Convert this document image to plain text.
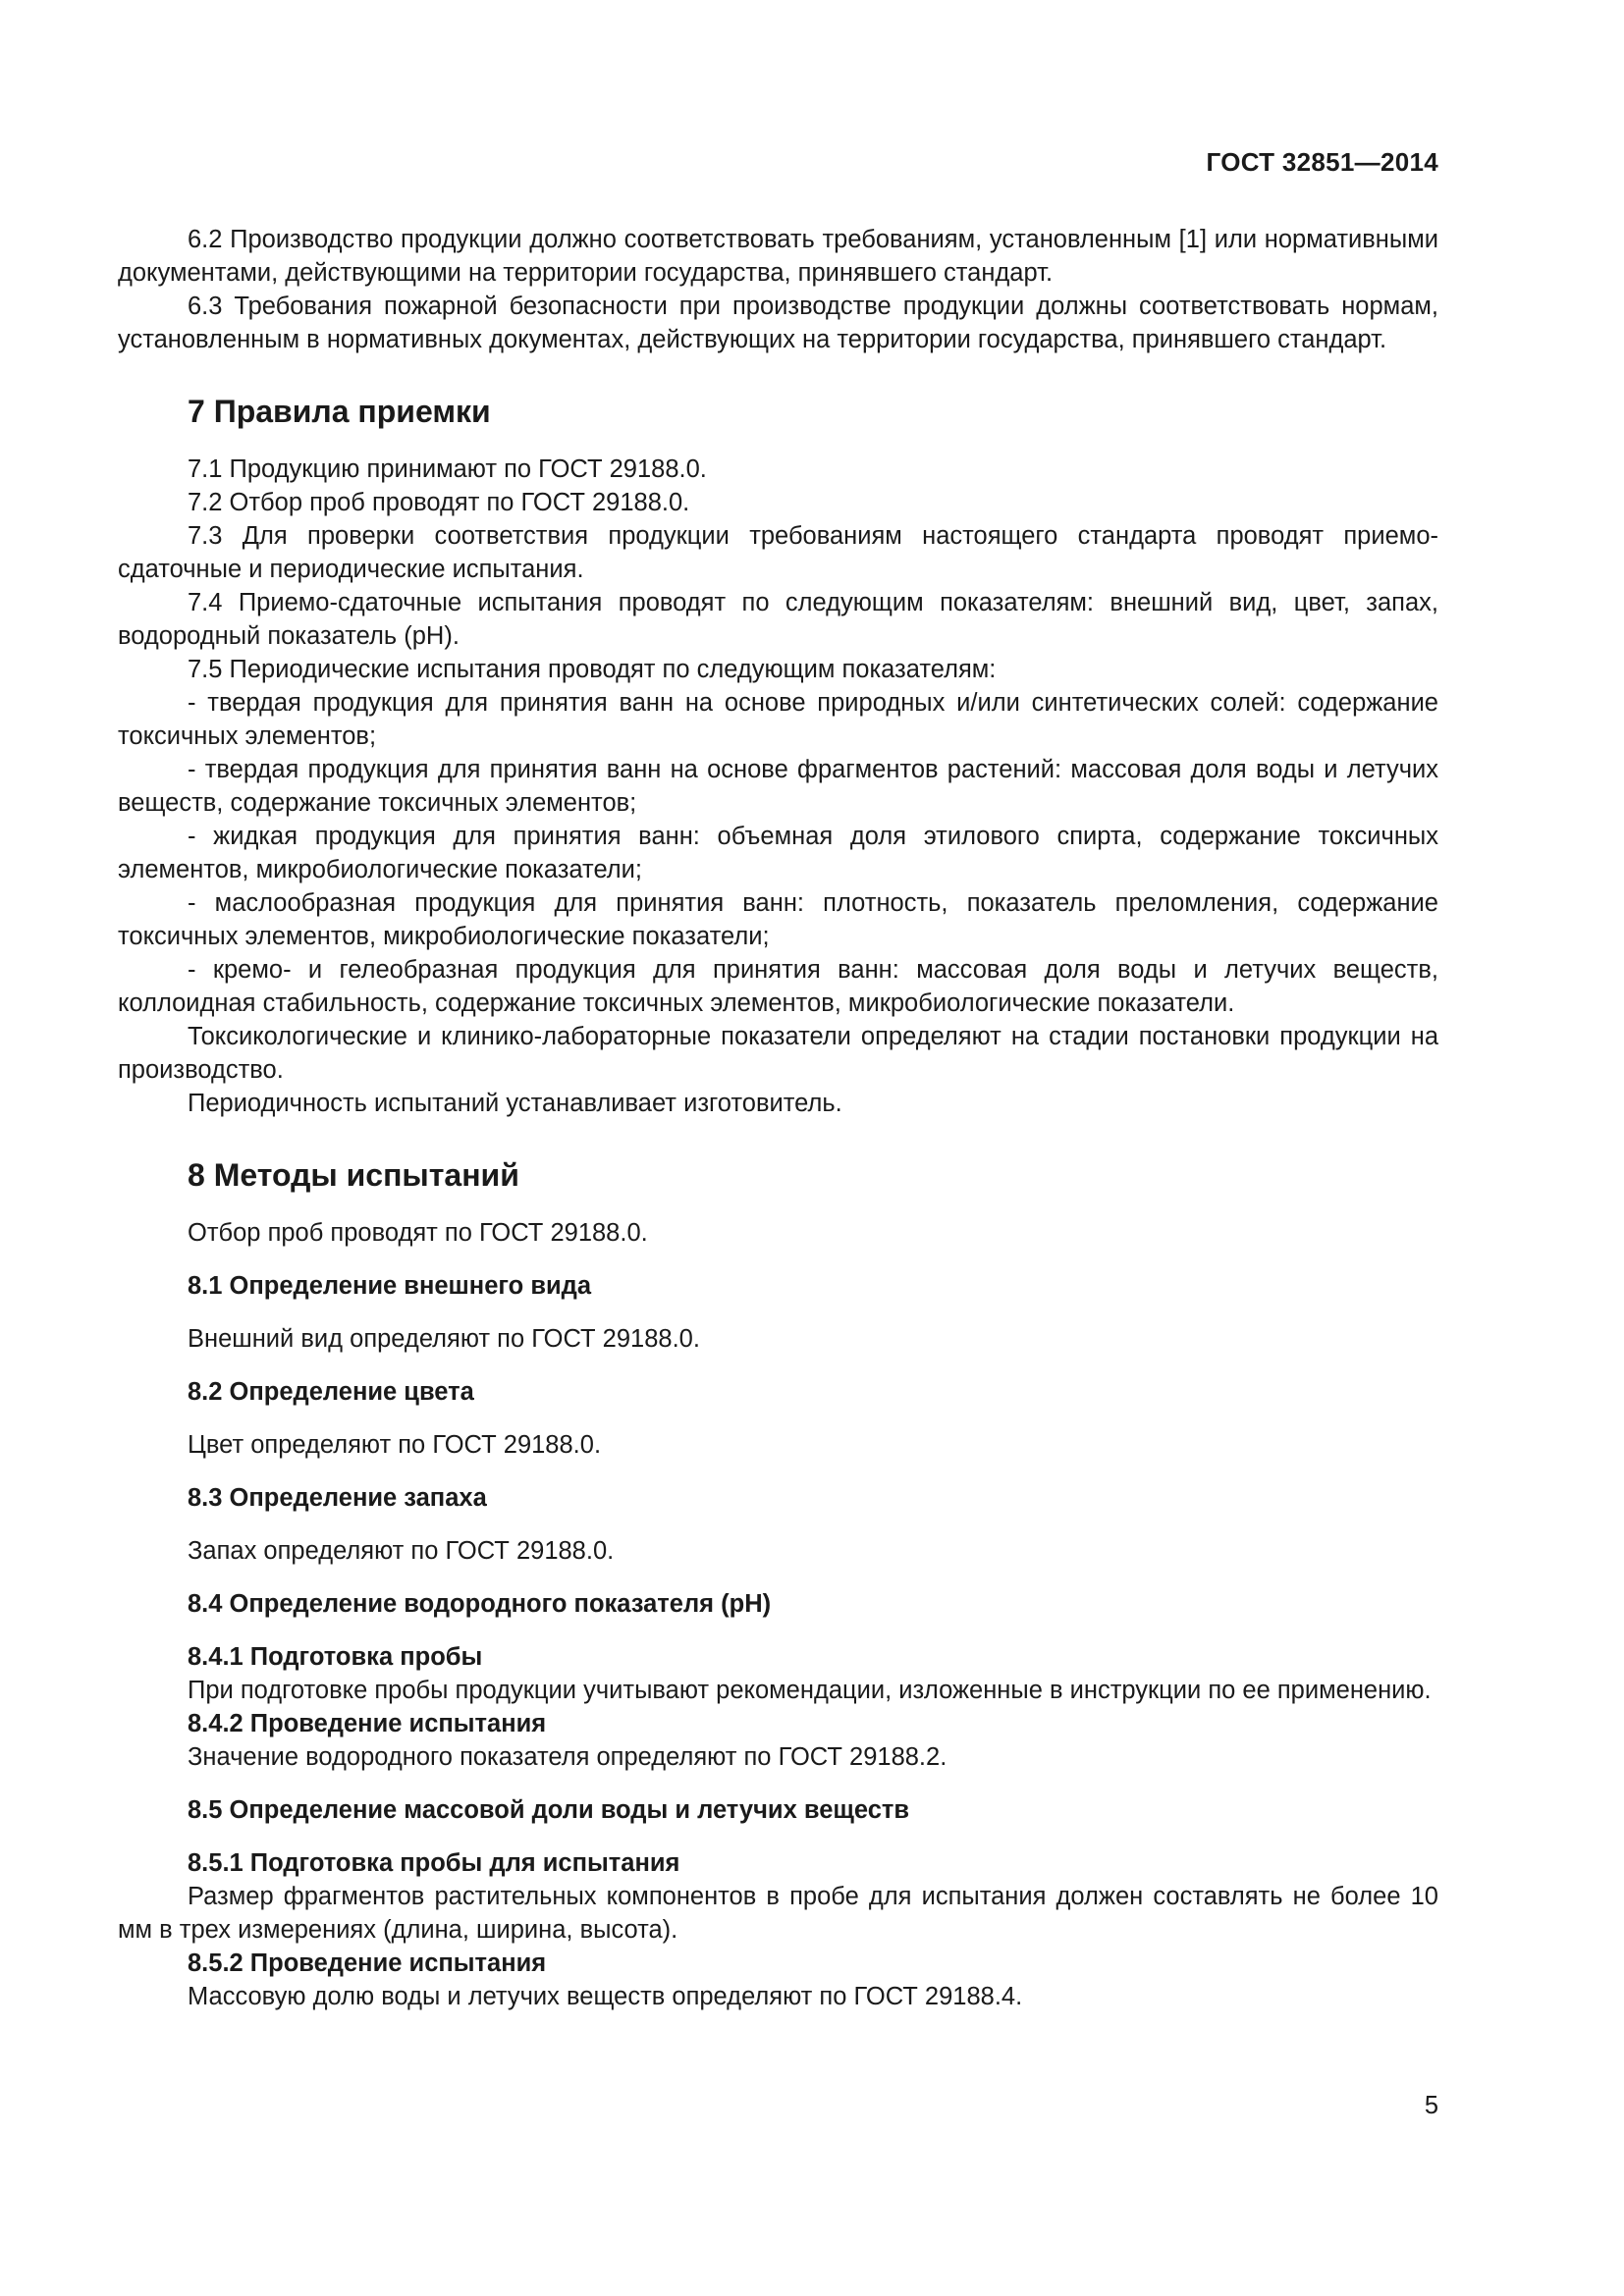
ГОСТ 32851—2014

6.2 Производство продукции должно соответствовать требованиям, установленным [1] или нормативными документами, действующими на территории государства, принявшего стандарт.

6.3 Требования пожарной безопасности при производстве продукции должны соответствовать нормам, установленным в нормативных документах, действующих на территории государства, принявшего стандарт.

7 Правила приемки

7.1 Продукцию принимают по ГОСТ 29188.0.

7.2 Отбор проб проводят по ГОСТ 29188.0.

7.3 Для проверки соответствия продукции требованиям настоящего стандарта проводят приемо-сдаточные и периодические испытания.

7.4 Приемо-сдаточные испытания проводят по следующим показателям: внешний вид, цвет, запах, водородный показатель (pH).

7.5 Периодические испытания проводят по следующим показателям:

- твердая продукция для принятия ванн на основе природных и/или синтетических солей: содержание токсичных элементов;

- твердая продукция для принятия ванн на основе фрагментов растений: массовая доля воды и летучих веществ, содержание токсичных элементов;

- жидкая продукция для принятия ванн: объемная доля этилового спирта, содержание токсичных элементов, микробиологические показатели;

- маслообразная продукция для принятия ванн: плотность, показатель преломления, содержание токсичных элементов, микробиологические показатели;

- кремо- и гелеобразная продукция для принятия ванн: массовая доля воды и летучих веществ, коллоидная стабильность, содержание токсичных элементов, микробиологические показатели.

Токсикологические и клинико-лабораторные показатели определяют на стадии постановки продукции на производство.

Периодичность испытаний устанавливает изготовитель.

8 Методы испытаний

Отбор проб проводят по ГОСТ 29188.0.

8.1 Определение внешнего вида

Внешний вид определяют по ГОСТ 29188.0.

8.2 Определение цвета

Цвет определяют по ГОСТ 29188.0.

8.3 Определение запаха

Запах определяют по ГОСТ 29188.0.

8.4 Определение водородного показателя (pH)
8.4.1 Подготовка пробы

При подготовке пробы продукции учитывают рекомендации, изложенные в инструкции по ее применению.

8.4.2 Проведение испытания

Значение водородного показателя определяют по ГОСТ 29188.2.

8.5 Определение массовой доли воды и летучих веществ
8.5.1 Подготовка пробы для испытания

Размер фрагментов растительных компонентов в пробе для испытания должен составлять не более 10 мм в трех измерениях (длина, ширина, высота).

8.5.2 Проведение испытания

Массовую долю воды и летучих веществ определяют по ГОСТ 29188.4.

5
